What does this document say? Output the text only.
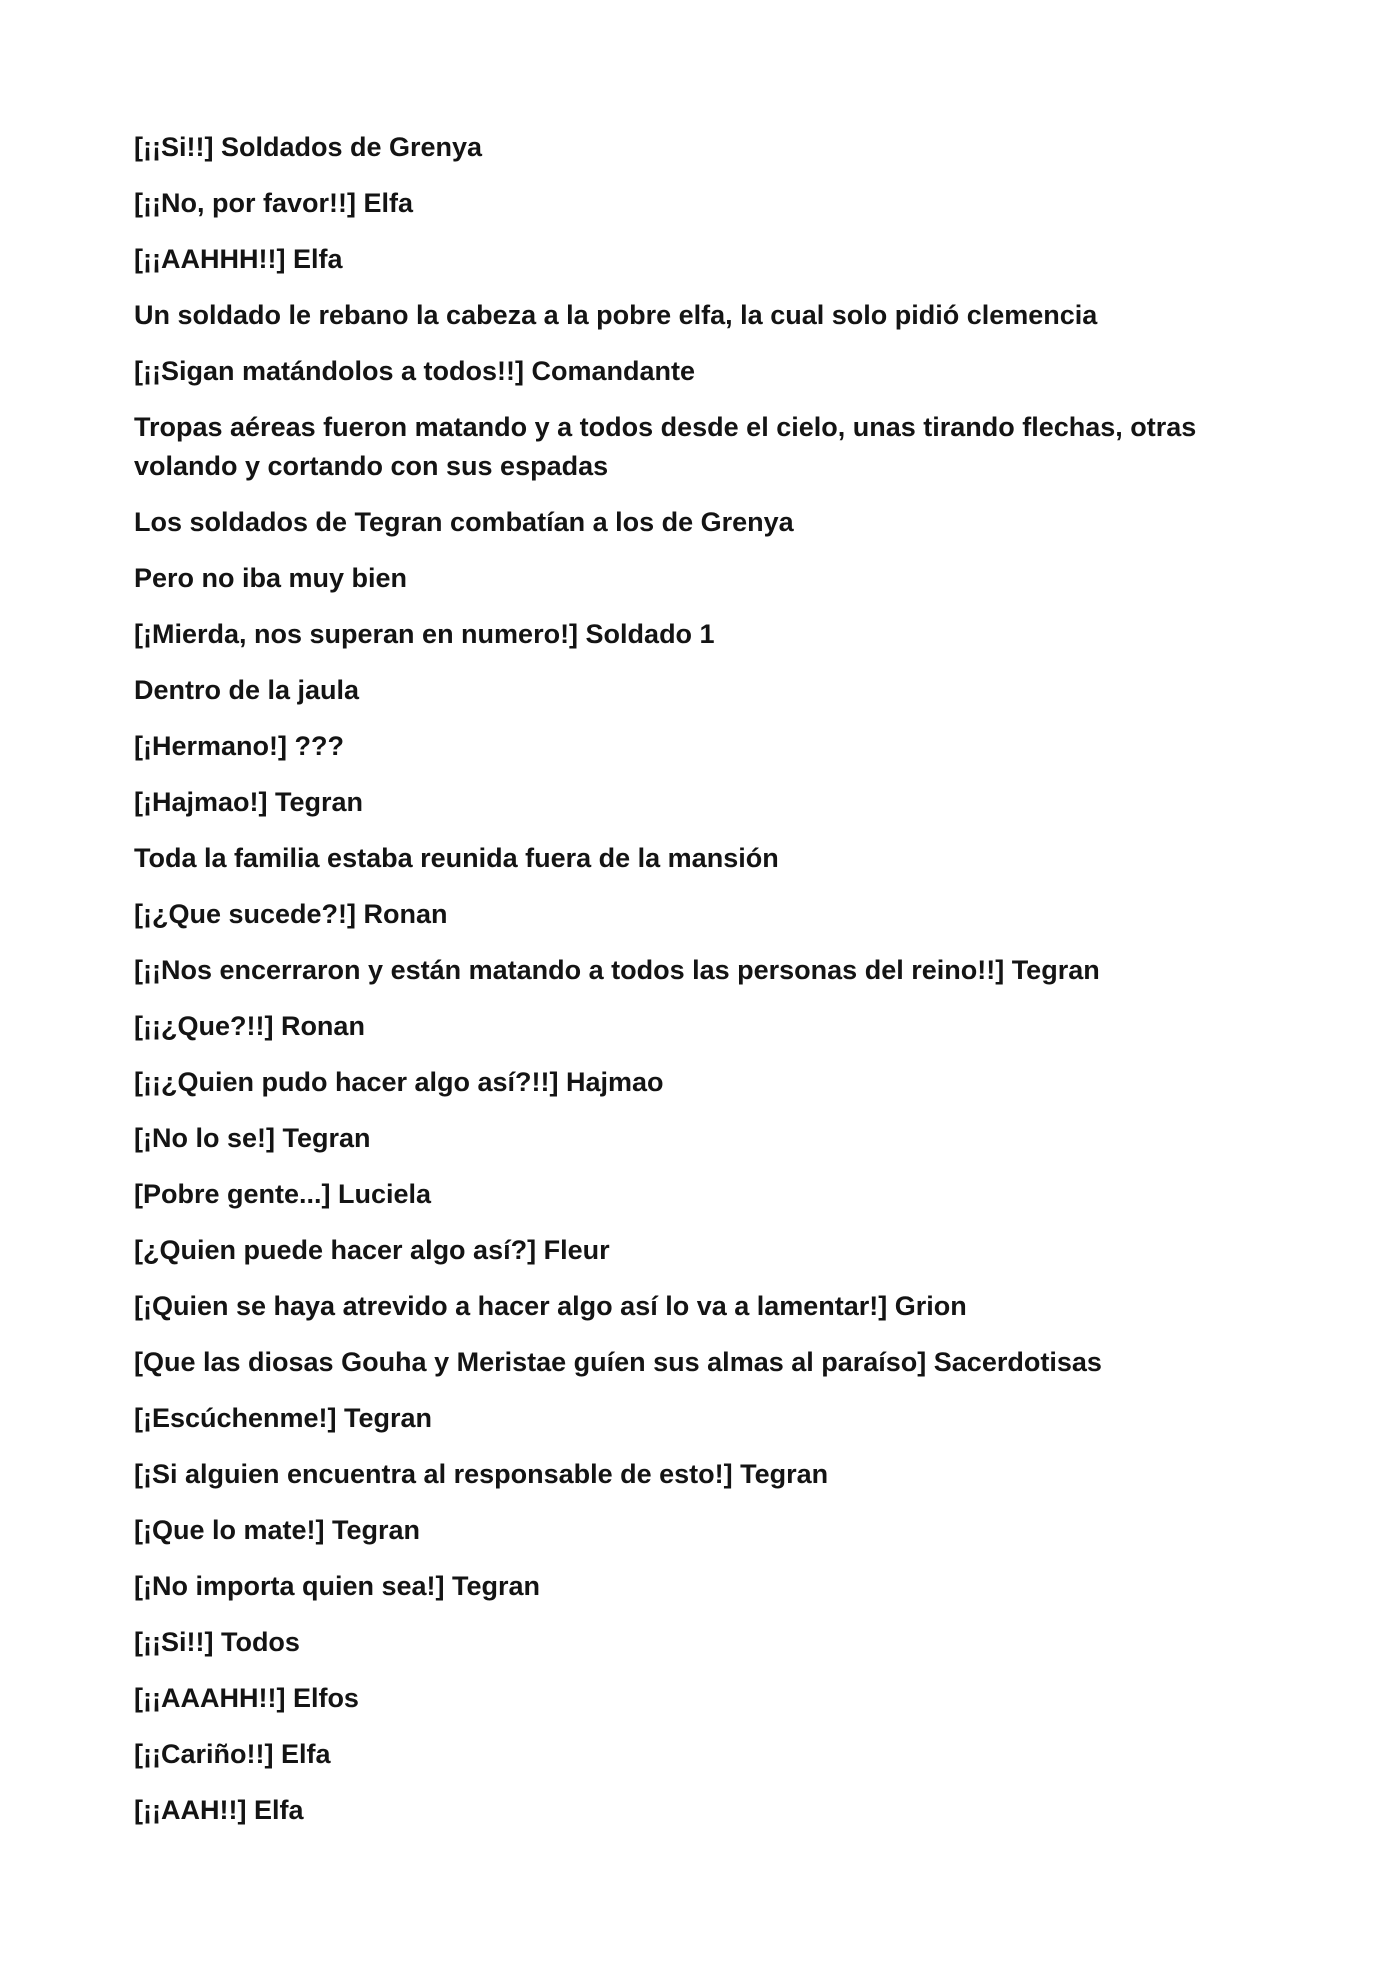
[¡¡Si!!] Soldados de Grenya

[¡¡No, por favor!!] Elfa

[¡¡AAHHH!!] Elfa

Un soldado le rebano la cabeza a la pobre elfa, la cual solo pidió clemencia

[¡¡Sigan matándolos a todos!!] Comandante

Tropas aéreas fueron matando y a todos desde el cielo, unas tirando flechas, otras volando y cortando con sus espadas

Los soldados de Tegran combatían a los de Grenya

Pero no iba muy bien

[¡Mierda, nos superan en numero!] Soldado 1

Dentro de la jaula

[¡Hermano!] ???

[¡Hajmao!] Tegran

Toda la familia estaba reunida fuera de la mansión

[¡¿Que sucede?!] Ronan

[¡¡Nos encerraron y están matando a todos las personas del reino!!] Tegran

[¡¡¿Que?!!] Ronan

[¡¡¿Quien pudo hacer algo así?!!] Hajmao

[¡No lo se!] Tegran

[Pobre gente...] Luciela

[¿Quien puede hacer algo así?] Fleur

[¡Quien se haya atrevido a hacer algo así lo va a lamentar!] Grion

[Que las diosas Gouha y Meristae guíen sus almas al paraíso] Sacerdotisas

[¡Escúchenme!] Tegran

[¡Si alguien encuentra al responsable de esto!] Tegran

[¡Que lo mate!] Tegran

[¡No importa quien sea!] Tegran

[¡¡Si!!] Todos

[¡¡AAAHH!!] Elfos

[¡¡Cariño!!] Elfa

[¡¡AAH!!] Elfa
